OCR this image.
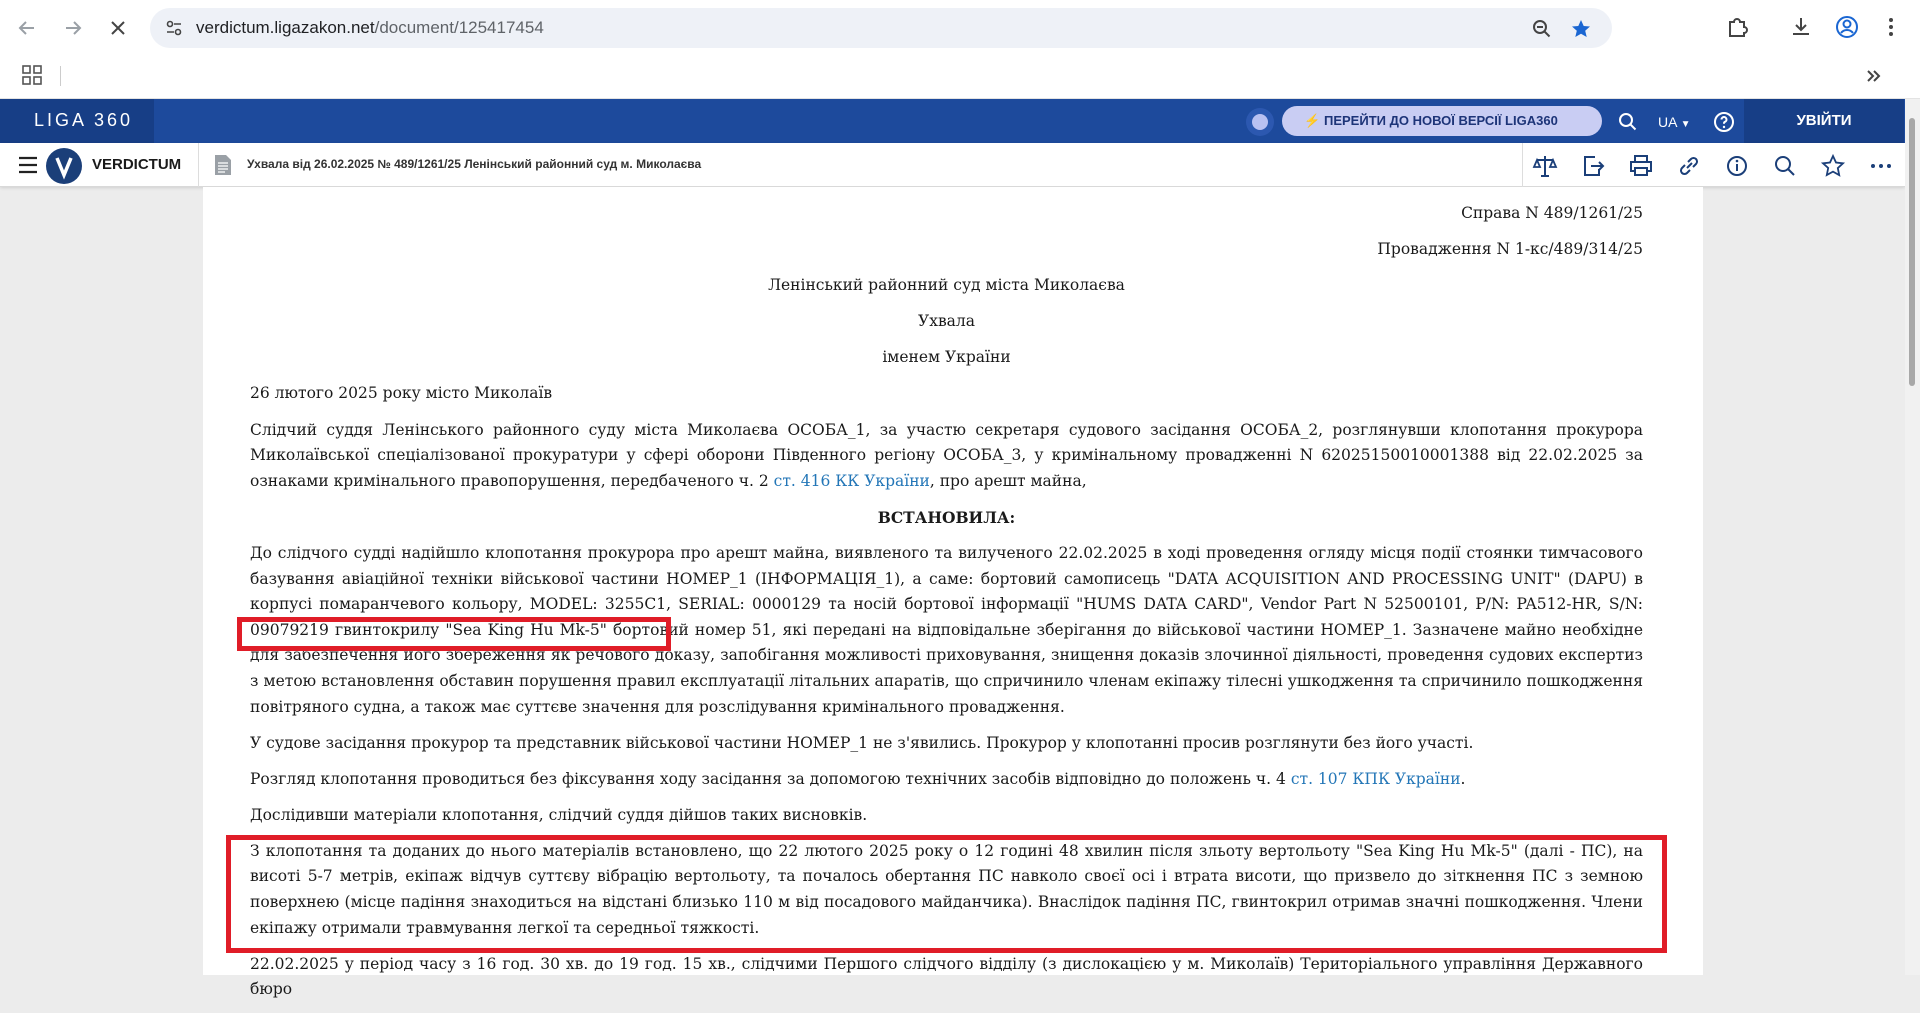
verdictum.ligazakon.net/document/125417454
LIGA 360	⚡ ПЕРЕЙТИ ДО НОВОЇ ВЕРСІЇ LIGA360	UA ▼	УВІЙТИ
VERDICTUM	Ухвала від 26.02.2025 № 489/1261/25 Ленінський районний суд м. Миколаєва

Справа N 489/1261/25

Провадження N 1-кс/489/314/25

Ленінський районний суд міста Миколаєва

Ухвала

іменем України

26 лютого 2025 року місто Миколаїв

Слідчий суддя Ленінського районного суду міста Миколаєва ОСОБА_1, за участю секретаря судового засідання ОСОБА_2, розглянувши клопотання прокурора Миколаївської спеціалізованої прокуратури у сфері оборони Південного регіону ОСОБА_3, у кримінальному провадженні N 62025150010001388 від 22.02.2025 за ознаками кримінального правопорушення, передбаченого ч. 2 ст. 416 КК України, про арешт майна,

ВСТАНОВИЛА:

До слідчого судді надійшло клопотання прокурора про арешт майна, виявленого та вилученого 22.02.2025 в ході проведення огляду місця події стоянки тимчасового базування авіаційної техніки військової частини НОМЕР_1 (ІНФОРМАЦІЯ_1), а саме: бортовий самописець "DATA ACQUISITION AND PROCESSING UNIT" (DAPU) в корпусі помаранчевого кольору, MODEL: 3255C1, SERIAL: 0000129 та носій бортової інформації "HUMS DATA CARD", Vendor Part N 52500101, P/N: PA512-HR, S/N: 09079219 гвинтокрилу "Sea King Hu Mk-5" бортовий номер 51, які передані на відповідальне зберігання до військової частини НОМЕР_1. Зазначене майно необхідне для забезпечення його збереження як речового доказу, запобігання можливості приховування, знищення доказів злочинної діяльності, проведення судових експертиз з метою встановлення обставин порушення правил експлуатації літальних апаратів, що спричинило членам екіпажу тілесні ушкодження та спричинило пошкодження повітряного судна, а також має суттєве значення для розслідування кримінального провадження.

У судове засідання прокурор та представник військової частини НОМЕР_1 не з'явились. Прокурор у клопотанні просив розглянути без його участі.

Розгляд клопотання проводиться без фіксування ходу засідання за допомогою технічних засобів відповідно до положень ч. 4 ст. 107 КПК України.

Дослідивши матеріали клопотання, слідчий суддя дійшов таких висновків.

З клопотання та доданих до нього матеріалів встановлено, що 22 лютого 2025 року о 12 годині 48 хвилин після зльоту вертольоту "Sea King Hu Mk-5" (далі - ПС), на висоті 5-7 метрів, екіпаж відчув суттєву вібрацію вертольоту, та почалось обертання ПС навколо своєї осі і втрата висоти, що призвело до зіткнення ПС з земною поверхнею (місце падіння знаходиться на відстані близько 110 м від посадового майданчика). Внаслідок падіння ПС, гвинтокрил отримав значні пошкодження. Члени екіпажу отримали травмування легкої та середньої тяжкості.

22.02.2025 у період часу з 16 год. 30 хв. до 19 год. 15 хв., слідчими Першого слідчого відділу (з дислокацією у м. Миколаїв) Територіального управління Державного бюро
